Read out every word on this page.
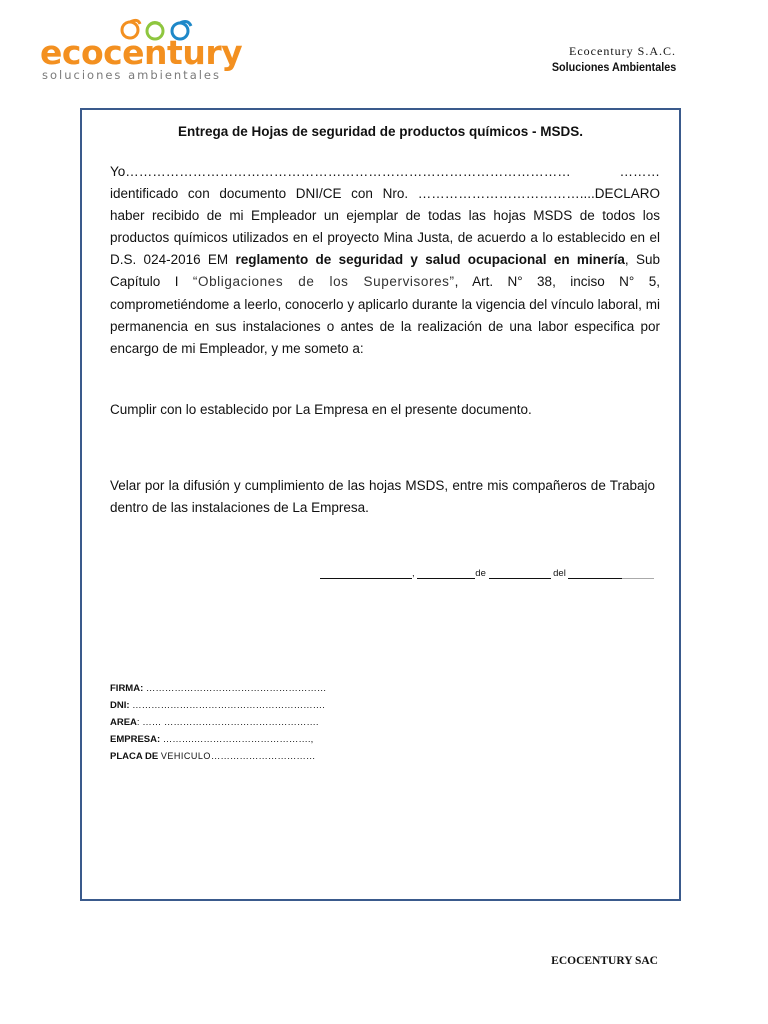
ecocentury
soluciones ambientales
Ecocentury S.A.C.
Soluciones Ambientales
Entrega de Hojas de seguridad de productos químicos - MSDS.

Yo………………………………………………………………………………………	……… identificado con documento DNI/CE con Nro. ………………………………....DECLARO haber recibido de mi Empleador un ejemplar de todas las hojas MSDS de todos los productos químicos utilizados en el proyecto Mina Justa, de acuerdo a lo establecido en el D.S. 024-2016 EM reglamento de seguridad y salud ocupacional en minería, Sub Capítulo I “Obligaciones de los Supervisores”, Art. N° 38, inciso N° 5, comprometiéndome a leerlo, conocerlo y aplicarlo durante la vigencia del vínculo laboral, mi permanencia en sus instalaciones o antes de la realización de una labor especifica por encargo de mi Empleador, y me someto a:

Cumplir con lo establecido por La Empresa en el presente documento.
Velar por la difusión y cumplimiento de las hojas MSDS, entre mis compañeros de Trabajo dentro de las instalaciones de La Empresa.
,	de	del
FIRMA: …………………………………………………
DNI: …………………………………………………….
AREA: …… ………………………………………….
EMPRESA: ……….……………………………….,
PLACA DE VEHICULO……………………………
ECOCENTURY SAC
